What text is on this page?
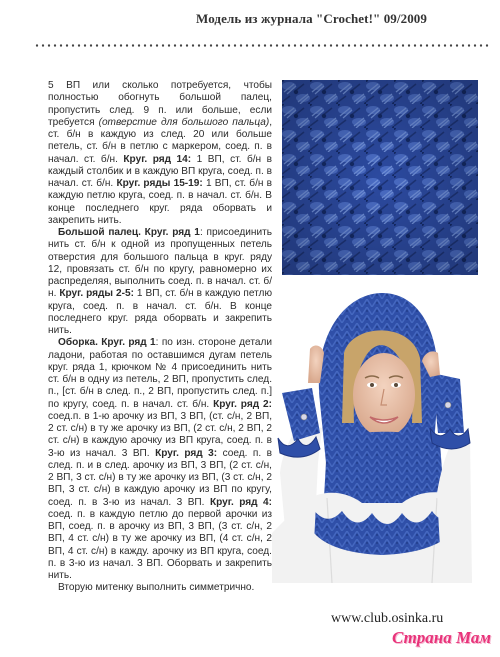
Модель из журнала "Crochet!" 09/2009

5 ВП или сколько потребуется, чтобы полностью обогнуть большой палец, пропустить след. 9 п. или больше, если требуется (отверстие для большого пальца), ст. б/н в каждую из след. 20 или больше петель, ст. б/н в петлю с маркером, соед. п. в начал. ст. б/н. Круг. ряд 14: 1 ВП, ст. б/н в каждый столбик и в каждую ВП круга, соед. п. в начал. ст. б/н. Круг. ряды 15-19: 1 ВП, ст. б/н в каждую петлю круга, соед. п. в начал. ст. б/н. В конце последнего круг. ряда оборвать и закрепить нить.

Большой палец. Круг. ряд 1: присоединить нить ст. б/н к одной из пропущенных петель отверстия для большого пальца в круг. ряду 12, провязать ст. б/н по кругу, равномерно их распределяя, выполнить соед. п. в начал. ст. б/н. Круг. ряды 2-5: 1 ВП, ст. б/н в каждую петлю круга, соед. п. в начал. ст. б/н. В конце последнего круг. ряда оборвать и закрепить нить.

Оборка. Круг. ряд 1: по изн. стороне детали ладони, работая по оставшимся дугам петель круг. ряда 1, крючком № 4 присоединить нить ст. б/н в одну из петель, 2 ВП, пропустить след. п., [ст. б/н в след. п., 2 ВП, пропустить след. п.] по кругу, соед. п. в начал. ст. б/н. Круг. ряд 2: соед.п. в 1-ю арочку из ВП, 3 ВП, (ст. с/н, 2 ВП, 2 ст. с/н) в ту же арочку из ВП, (2 ст. с/н, 2 ВП, 2 ст. с/н) в каждую арочку из ВП круга, соед. п. в 3-ю из начал. 3 ВП. Круг. ряд 3: соед. п. в след. п. и в след. арочку из ВП, 3 ВП, (2 ст. с/н, 2 ВП, 3 ст. с/н) в ту же арочку из ВП, (3 ст. с/н, 2 ВП, 3 ст. с/н) в каждую арочку из ВП по кругу, соед. п. в 3-ю из начал. 3 ВП. Круг. ряд 4: соед. п. в каждую петлю до первой арочки из ВП, соед. п. в арочку из ВП, 3 ВП, (3 ст. с/н, 2 ВП, 4 ст. с/н) в ту же арочку из ВП, (4 ст. с/н, 2 ВП, 4 ст. с/н) в кажду. арочку из ВП круга, соед. п. в 3-ю из начал. 3 ВП. Оборвать и закрепить нить.

Вторую митенку выполнить симметрично.

www.club.osinka.ru
Страна Мам
